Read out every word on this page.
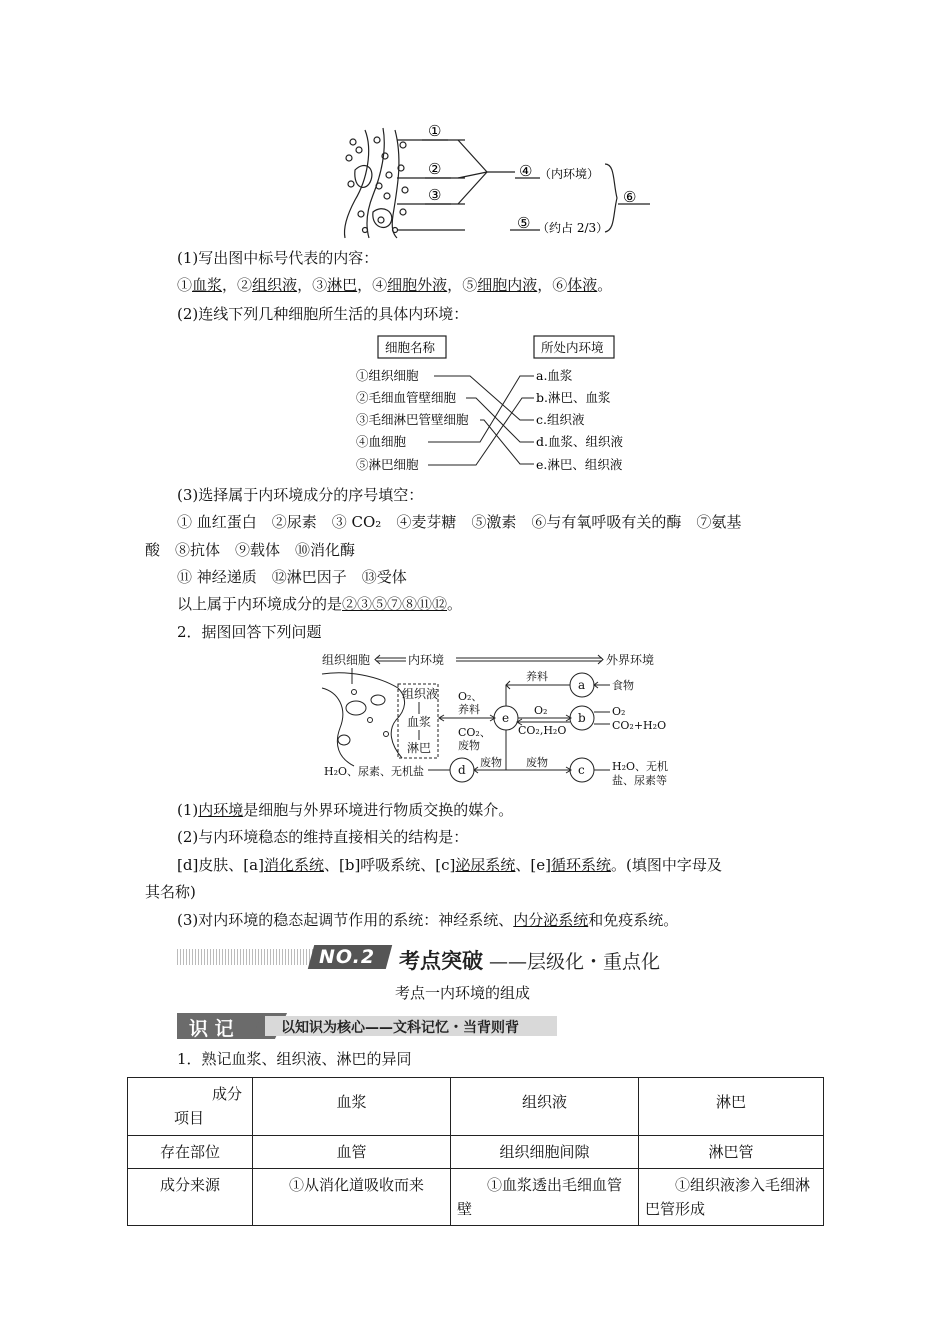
①
②
③
④ （内环境）
⑤ （约占 2/3）
⑥
(1)写出图中标号代表的内容：
①血浆，②组织液，③淋巴，④细胞外液，⑤细胞内液，⑥体液。
(2)连线下列几种细胞所生活的具体内环境：
细胞名称	所处内环境
①组织细胞
②毛细血管壁细胞
③毛细淋巴管壁细胞
④血细胞
⑤淋巴细胞
a.血浆
b.淋巴、血浆
c.组织液
d.血浆、组织液
e.淋巴、组织液
(3)选择属于内环境成分的序号填空：
① 血红蛋白　②尿素　③ CO₂　④麦芽糖　⑤激素　⑥与有氧呼吸有关的酶　⑦氨基
酸　⑧抗体　⑨载体　⑩消化酶
⑪ 神经递质　⑫淋巴因子　⑬受体
以上属于内环境成分的是②③⑤⑦⑧⑪⑫。
2．据图回答下列问题
组织细胞	内环境	外界环境
组织液
血浆
淋巴
O₂、
养料
CO₂、
废物
养料
食物
O₂
CO₂,H₂O
O₂
CO₂+H₂O
废物 废物
H₂O、尿素、无机盐	H₂O、无机
盐、尿素等
a
b
c
d
e
(1)内环境是细胞与外界环境进行物质交换的媒介。
(2)与内环境稳态的维持直接相关的结构是：
[d]皮肤、[a]消化系统、[b]呼吸系统、[c]泌尿系统、[e]循环系统。(填图中字母及
其名称)
(3)对内环境的稳态起调节作用的系统：神经系统、内分泌系统和免疫系统。
NO.2 考点突破 ——层级化・重点化
考点一内环境的组成
识 记	以知识为核心——文科记忆・当背则背
1．熟记血浆、组织液、淋巴的异同
成分
项目	血浆	组织液	淋巴
存在部位	血管	组织细胞间隙	淋巴管
成分来源	①从消化道吸收而来	①血浆透出毛细血管壁	①组织液渗入毛细淋巴管形成
